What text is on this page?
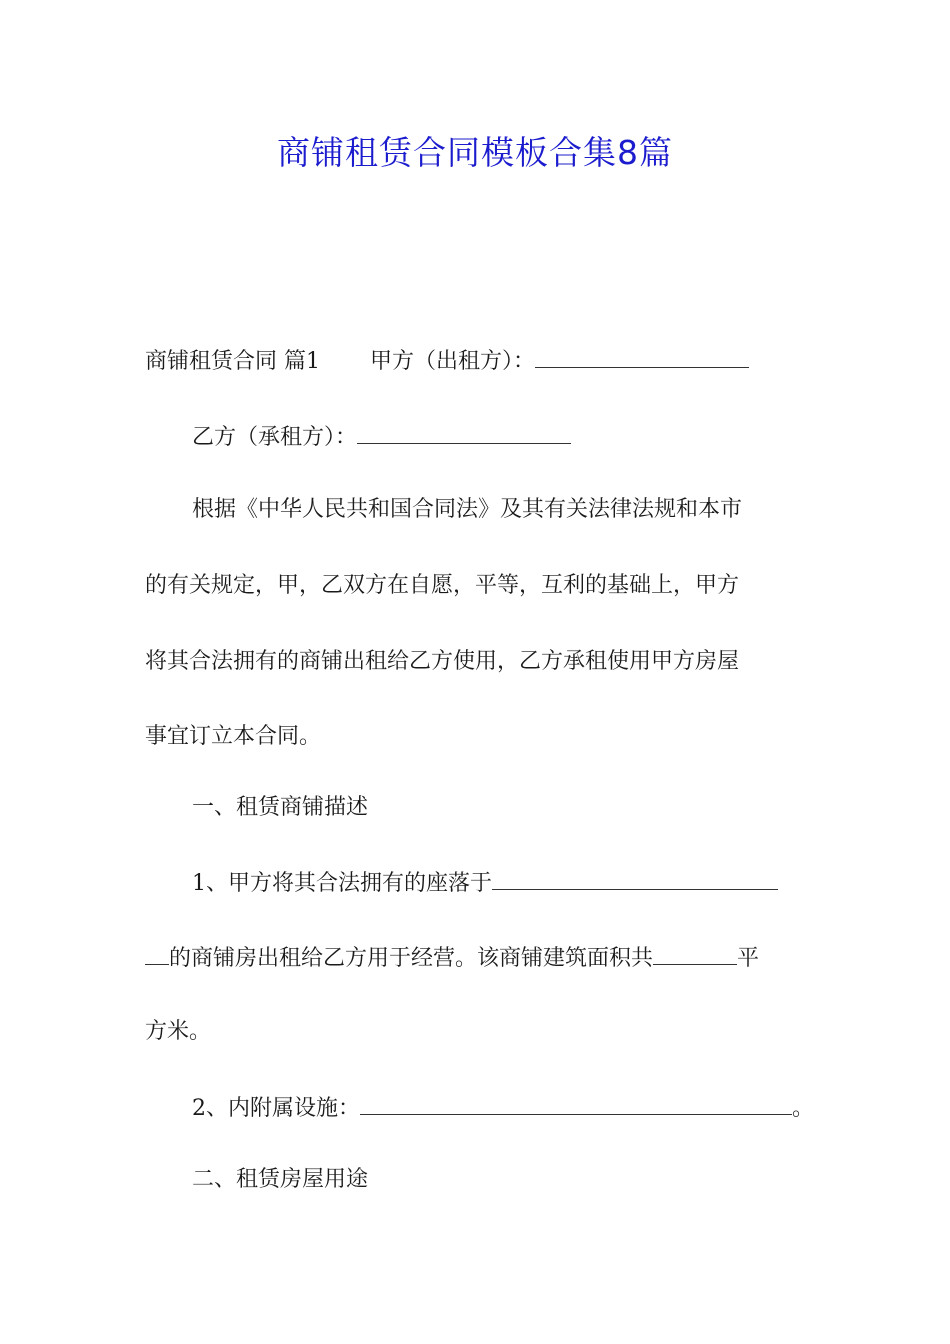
商铺租赁合同模板合集8篇
商铺租赁合同 篇1 甲方（出租方）：
乙方（承租方）：
根据《中华人民共和国合同法》及其有关法律法规和本市
的有关规定，甲，乙双方在自愿，平等，互利的基础上，甲方
将其合法拥有的商铺出租给乙方使用，乙方承租使用甲方房屋
事宜订立本合同。
一、租赁商铺描述
1、甲方将其合法拥有的座落于
的商铺房出租给乙方用于经营。该商铺建筑面积共	平
方米。
2、内附属设施：	。
二、租赁房屋用途
